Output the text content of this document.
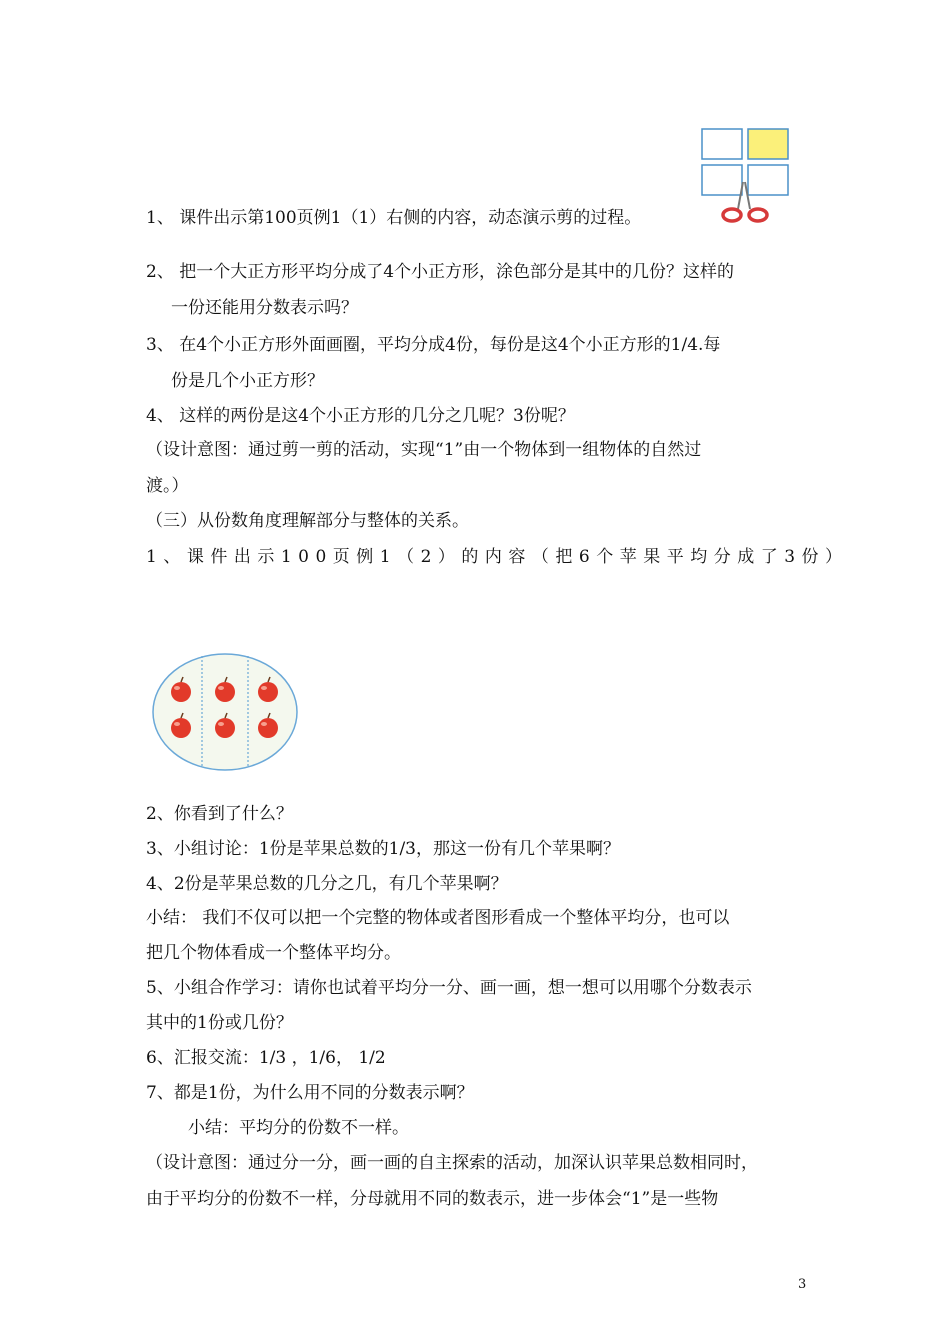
1、 课件出示第100页例1（1）右侧的内容，动态演示剪的过程。
2、 把一个大正方形平均分成了4个小正方形，涂色部分是其中的几份？这样的
一份还能用分数表示吗？
3、 在4个小正方形外面画圈，平均分成4份，每份是这4个小正方形的1/4.每
份是几个小正方形？
4、 这样的两份是这4个小正方形的几分之几呢？3份呢？
（设计意图：通过剪一剪的活动，实现“1”由一个物体到一组物体的自然过
渡。）
（三）从份数角度理解部分与整体的关系。
1、课件出示100页例1（2）的内容（把6个苹果平均分成了3份）
2、你看到了什么？
3、小组讨论：1份是苹果总数的1/3，那这一份有几个苹果啊？
4、2份是苹果总数的几分之几，有几个苹果啊？
小结： 我们不仅可以把一个完整的物体或者图形看成一个整体平均分，也可以
把几个物体看成一个整体平均分。
5、小组合作学习：请你也试着平均分一分、画一画，想一想可以用哪个分数表示
其中的1份或几份？
6、汇报交流：1/3 ，1/6， 1/2
7、都是1份，为什么用不同的分数表示啊？
小结：平均分的份数不一样。
（设计意图：通过分一分，画一画的自主探索的活动，加深认识苹果总数相同时，
由于平均分的份数不一样，分母就用不同的数表示，进一步体会“1”是一些物
3
